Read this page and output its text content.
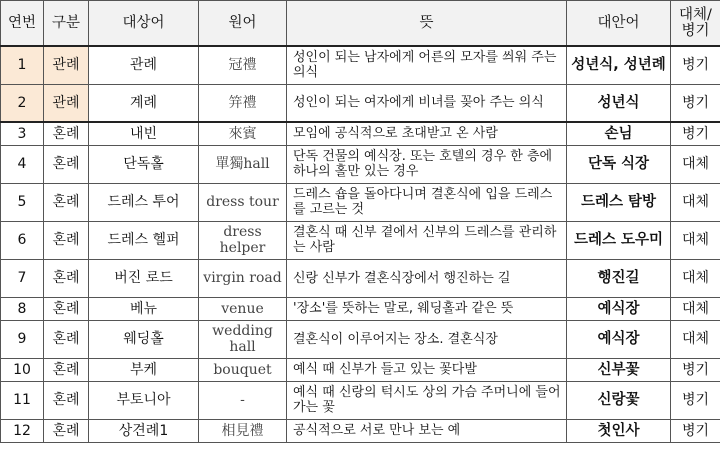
연번	구분	대상어	원어	뜻	대안어	대체/병기
1	관례	관례	冠禮	성인이 되는 남자에게 어른의 모자를 씌워 주는 의식	성년식, 성년례	병기
2	관례	계례	笄禮	성인이 되는 여자에게 비녀를 꽂아 주는 의식	성년식	병기
3	혼례	내빈	來賓	모임에 공식적으로 초대받고 온 사람	손님	병기
4	혼례	단독홀	單獨hall	단독 건물의 예식장. 또는 호텔의 경우 한 층에 하나의 홀만 있는 경우	단독 식장	대체
5	혼례	드레스 투어	dress tour	드레스 숍을 돌아다니며 결혼식에 입을 드레스를 고르는 것	드레스 탐방	대체
6	혼례	드레스 헬퍼	dress helper	결혼식 때 신부 곁에서 신부의 드레스를 관리하는 사람	드레스 도우미	대체
7	혼례	버진 로드	virgin road	신랑 신부가 결혼식장에서 행진하는 길	행진길	대체
8	혼례	베뉴	venue	'장소'를 뜻하는 말로, 웨딩홀과 같은 뜻	예식장	대체
9	혼례	웨딩홀	wedding hall	결혼식이 이루어지는 장소. 결혼식장	예식장	대체
10	혼례	부케	bouquet	예식 때 신부가 들고 있는 꽃다발	신부꽃	병기
11	혼례	부토니아	-	예식 때 신랑의 턱시도 상의 가슴 주머니에 들어가는 꽃	신랑꽃	병기
12	혼례	상견례1	相見禮	공식적으로 서로 만나 보는 예	첫인사	병기
